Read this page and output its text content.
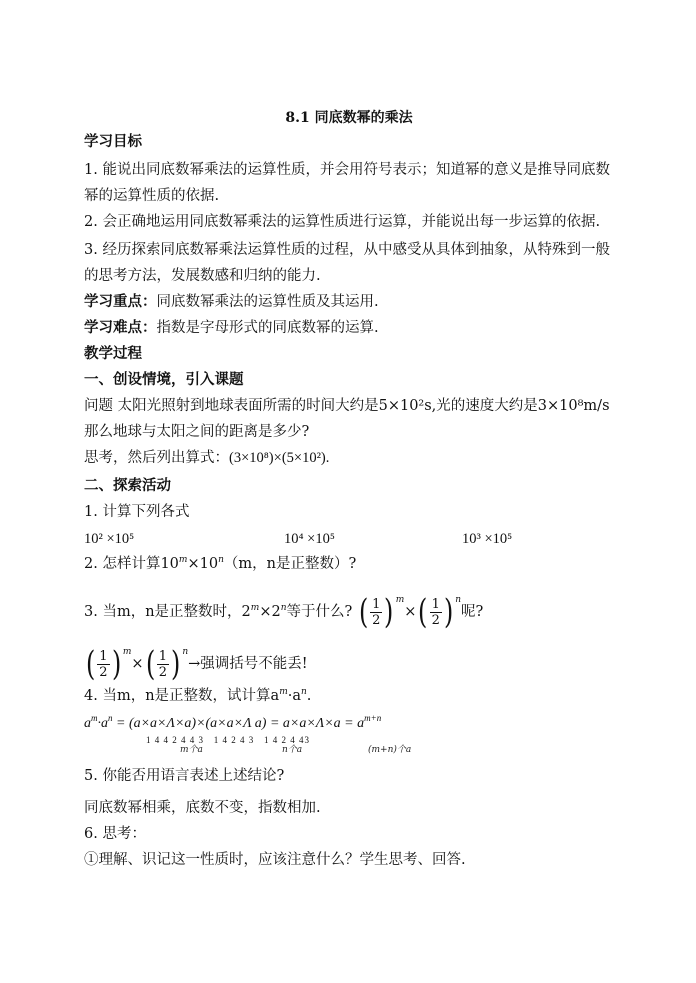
8.1 同底数幂的乘法
学习目标
1. 能说出同底数幂乘法的运算性质，并会用符号表示；知道幂的意义是推导同底数
幂的运算性质的依据.
2. 会正确地运用同底数幂乘法的运算性质进行运算，并能说出每一步运算的依据.
3. 经历探索同底数幂乘法运算性质的过程，从中感受从具体到抽象，从特殊到一般
的思考方法，发展数感和归纳的能力.
学习重点：同底数幂乘法的运算性质及其运用.
学习难点：指数是字母形式的同底数幂的运算.
教学过程
一、创设情境，引入课题
问题 太阳光照射到地球表面所需的时间大约是5×10²s,光的速度大约是3×10⁸m/s
那么地球与太阳之间的距离是多少?
思考，然后列出算式：(3×10⁸)×(5×10²).
二、探索活动
1. 计算下列各式
10² ×10⁵	10⁴ ×10⁵	10³ ×10⁵
2. 怎样计算$10^m\times 10^n(m$，n是正整数）?
3. 当m，n是正整数时，$2^m\times 2^n$等于什么? ( $\frac{1}{2}$ ) $^m\times( \frac{1}{2}$ ) $^n$呢?
( $\frac{1}{2}$ ) $^m\times( \frac{1}{2}$ ) $^n$→强调括号不能丢!
4. 当m，n是正整数，试计算$a^m\cdot a^n$.
$a^m\cdot a^n = (a\times a\times\Lambda\times a)\times(a\times a\times\Lambda$ $a) = a\times a\times\Lambda\times a = a^{m+n}$
1 4 4 2 4 4 3   1 4 2 4 3   1 4 2 4 43
m个a	n个a	(m+n)个a
5. 你能否用语言表述上述结论?
同底数幂相乘，底数不变，指数相加.
6. 思考：
①理解、识记这一性质时，应该注意什么？学生思考、回答.
